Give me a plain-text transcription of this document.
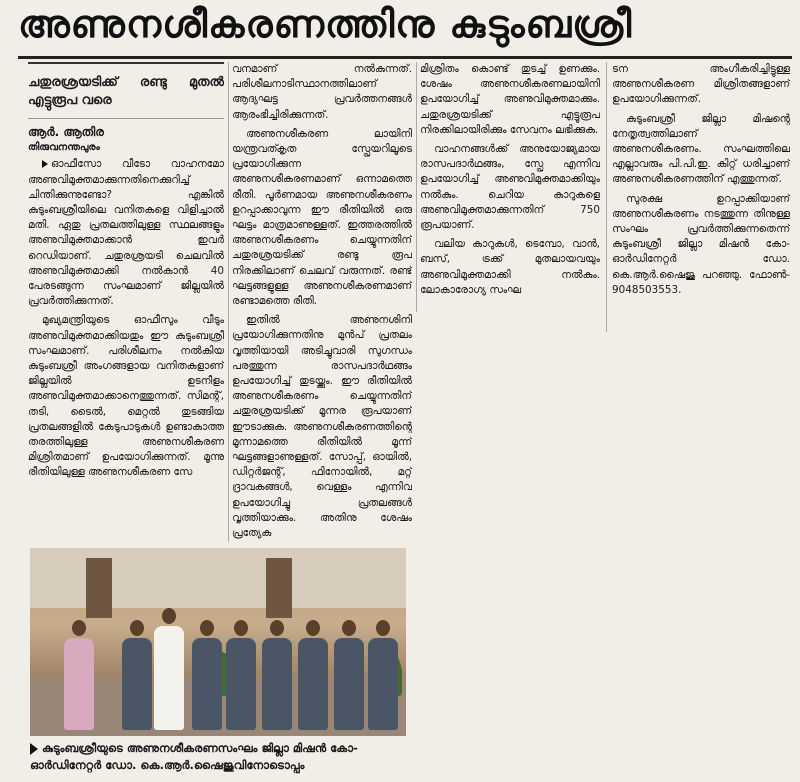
അണുനശീകരണത്തിനു കുടുംബശ്രീ
ചതുരശ്രയടിക്ക് രണ്ടു മുതൽ എട്ടുരൂപ വരെ
ആർ. ആതിര
തിരുവനന്തപുരം

ഓഫീസോ വീടോ വാഹനമോ അണുവിമുക്തമാക്കുന്നതിനെക്കുറിച്ച് ചിന്തിക്കുന്നുണ്ടോ? എങ്കിൽ കുടുംബശ്രീയിലെ വനിതകളെ വിളിച്ചാൽ മതി. ഏതു പ്രതലത്തിലുള്ള സ്ഥലങ്ങളും അണുവിമുക്തമാക്കാൻ ഇവർ റെഡിയാണ്. ചതുരശ്രയടി ചെലവിൽ അണുവിമുക്തമാക്കി നൽകാൻ 40 പേരടങ്ങുന്ന സംഘമാണ് ജില്ലയിൽ പ്രവർത്തിക്കുന്നത്.

മുഖ്യമന്ത്രിയുടെ ഓഫീസും വീടും അണുവിമുക്തമാക്കിയതും ഈ കുടുംബശ്രീ സംഘമാണ്. പരിശീലനം നൽകിയ കുടുംബശ്രീ അംഗങ്ങളായ വനിതകളാണ് ജില്ലയിൽ ഉടനീളം അണുവിമുക്തമാക്കാനെത്തുന്നത്. സിമന്റ്, തടി, ടൈൽ, മെറ്റൽ തുടങ്ങിയ പ്രതലങ്ങളിൽ കേടുപാടുകൾ ഉണ്ടാകാത്ത തരത്തിലുള്ള അണുനശീകരണ മിശ്രിതമാണ് ഉപയോഗിക്കുന്നത്. മൂന്നു രീതിയിലുള്ള അണുനശീകരണ സേ

വനമാണ് നൽകുന്നത്. പരിശീലനാടിസ്ഥാനത്തിലാണ് ആദ്യഘട്ട പ്രവർത്തനങ്ങൾ ആരംഭിച്ചിരിക്കുന്നത്.

അണുനശീകരണ ലായിനി യന്ത്രവത്കൃത സ്പ്രേയറിലൂടെ പ്രയോഗിക്കുന്ന അണുനശീകരണമാണ് ഒന്നാമത്തെ രീതി. പൂർണമായ അണുനശീകരണം ഉറപ്പാക്കാവുന്ന ഈ രീതിയിൽ ഒരു ഘട്ടം മാത്രമാണുള്ളത്. ഇത്തരത്തിൽ അണുനശീകരണം ചെയ്യുന്നതിന് ചതുരശ്രയടിക്ക് രണ്ടു രൂപ നിരക്കിലാണ് ചെലവ് വരുന്നത്. രണ്ട് ഘട്ടങ്ങളുള്ള അണുനശീകരണമാണ് രണ്ടാമത്തെ രീതി.

ഇതിൽ അണുനശിനി പ്രയോഗിക്കുന്നതിനു മുൻപ് പ്രതലം വൃത്തിയായി അടിച്ചുവാരി സുഗന്ധം പരത്തുന്ന രാസപദാർഥങ്ങം ഉപയോഗിച്ച് തുടയ്ക്കും. ഈ രീതിയിൽ അണുനശീകരണം ചെയ്യുന്നതിന് ചതുരശ്രയടിക്ക് മൂന്നര രൂപയാണ് ഈടാക്കുക. അണുനശീകരണത്തിന്റെ മൂന്നാമത്തെ രീതിയിൽ മൂന്ന് ഘട്ടങ്ങളാണുള്ളത്. സോപ്പ്, ഓയിൽ, ഡിറ്റർജന്റ്, ഫിനോയിൽ, മറ്റ് ദ്രാവകങ്ങൾ, വെള്ളം എന്നിവ ഉപയോഗിച്ചു പ്രതലങ്ങൾ വൃത്തിയാക്കും. അതിനു ശേഷം പ്രത്യേക

മിശ്രിതം കൊണ്ട് തുടച്ച് ഉണക്കും. ശേഷം അണുനശീകരണലായിനി ഉപയോഗിച്ച് അണുവിമുക്തമാക്കും. ചതുരശ്രയടിക്ക് എട്ടുരൂപ നിരക്കിലായിരിക്കും സേവനം ലഭിക്കുക.

വാഹനങ്ങൾക്ക് അനുയോജ്യമായ രാസപദാർഥങ്ങം, സ്പ്രേ എന്നിവ ഉപയോഗിച്ച് അണുവിമുക്തമാക്കിയും നൽകും. ചെറിയ കാറുകളെ അണുവിമുക്തമാക്കുന്നതിന് 750 രൂപയാണ്.

വലിയ കാറുകൾ, ടെമ്പോ, വാൻ, ബസ്, ട്രക്ക് മുതലായവയും അണുവിമുക്തമാക്കി നൽകും. ലോകാരോഗ്യ സംഘ

ടന അംഗീകരിച്ചിട്ടുള്ള അണുനശീകരണ മിശ്രിതങ്ങളാണ് ഉപയോഗിക്കുന്നത്.

കുടുംബശ്രീ ജില്ലാ മിഷന്റെ നേതൃത്വത്തിലാണ് അണുനശീകരണം. സംഘത്തിലെ എല്ലാവരും പി.പി.ഇ. കിറ്റ് ധരിച്ചാണ് അണുനശീകരണത്തിന് എത്തുന്നത്.

സുരക്ഷ ഉറപ്പാക്കിയാണ് അണുനശീകരണം നടത്തുന്ന തിനുള്ള സംഘം പ്രവർത്തിക്കുന്നതെന്ന് കുടുംബശ്രീ ജില്ലാ മിഷൻ കോ-ഓർഡിനേറ്റർ ഡോ. കെ.ആർ.ഷൈജു പറഞ്ഞു. ഫോൺ- 9048503553.

കുടുംബശ്രീയുടെ അണുനശീകരണസംഘം ജില്ലാ മിഷൻ കോ- ഓർഡിനേറ്റർ ഡോ. കെ.ആർ.ഷൈജുവിനോടൊപ്പം
